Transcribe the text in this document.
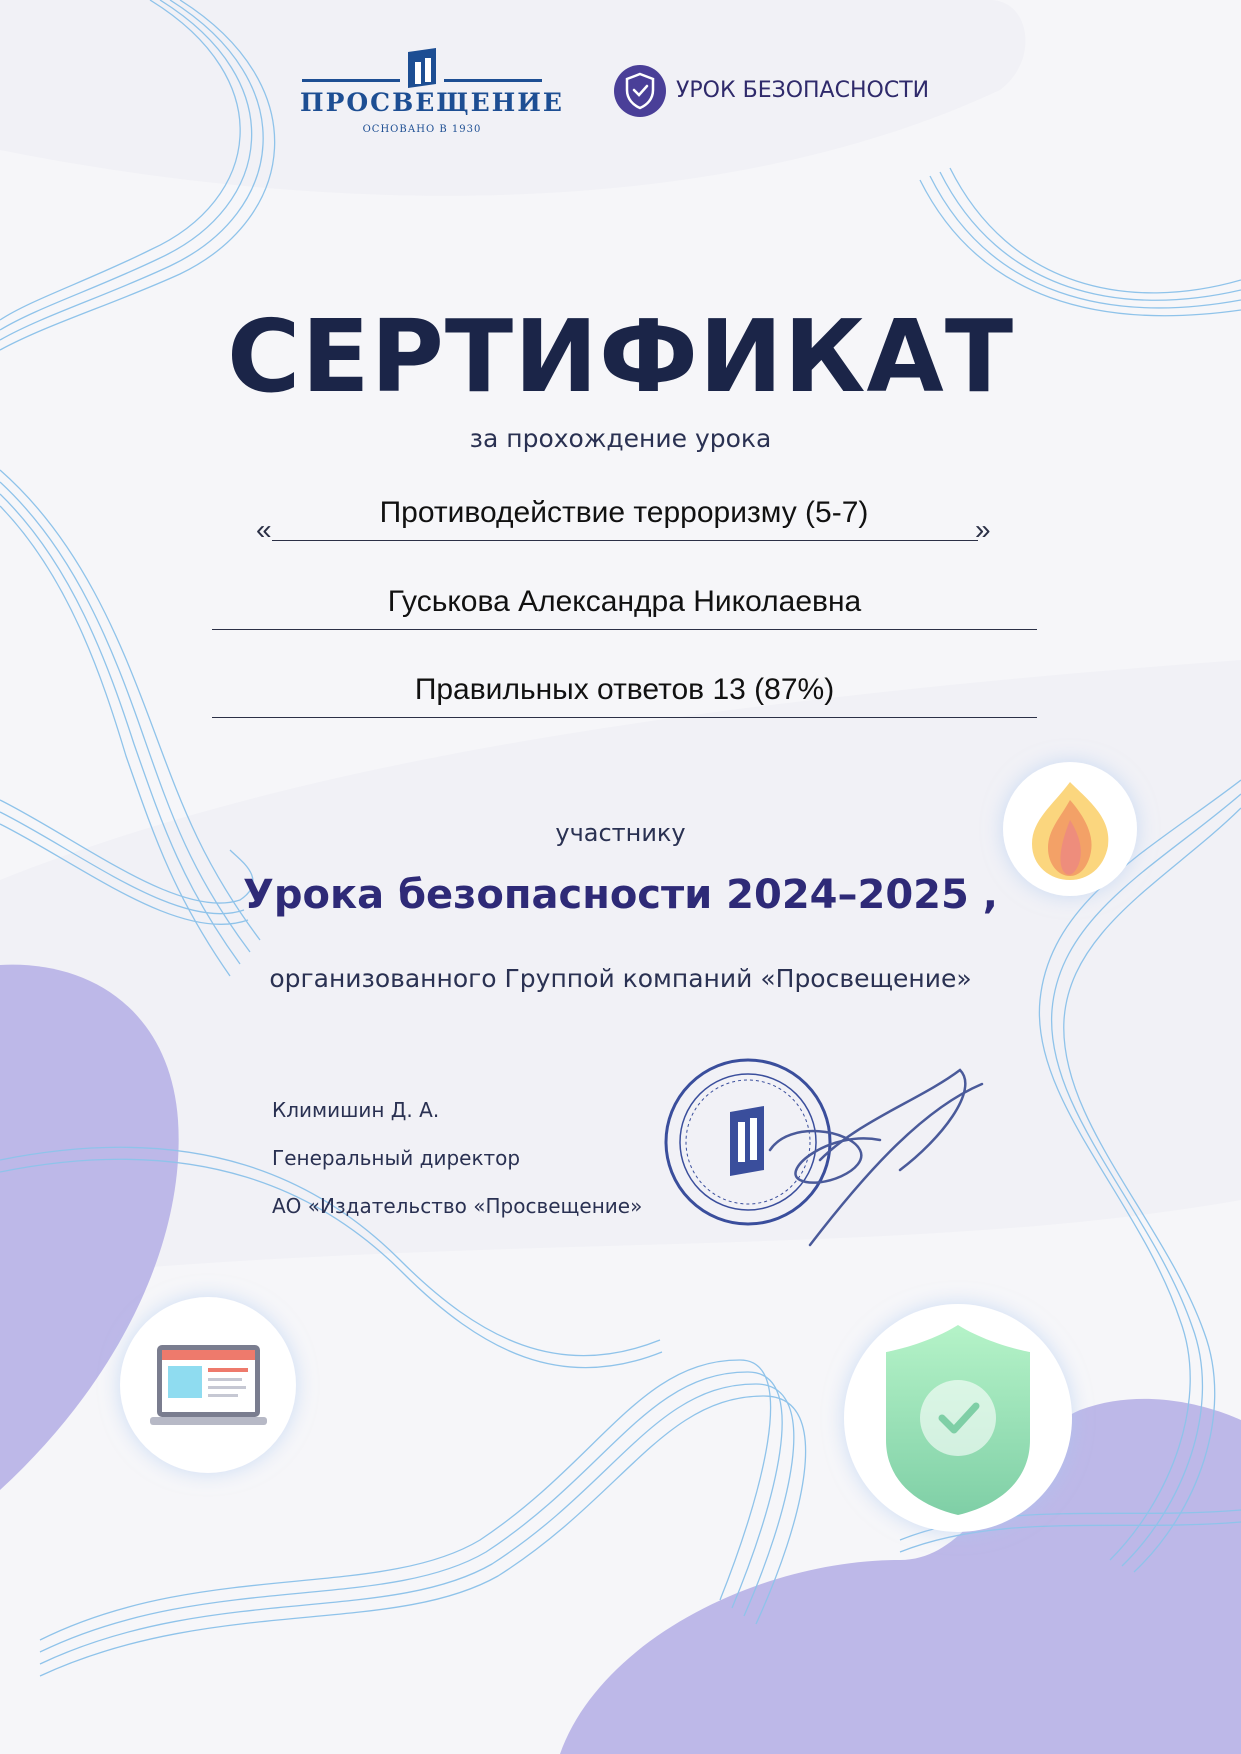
ПРОСВЕЩЕНИЕ
ОСНОВАНО В 1930
УРОК БЕЗОПАСНОСТИ
СЕРТИФИКАТ
за прохождение урока
«
Противодействие терроризму (5-7)
»
Гуськова Александра Николаевна
Правильных ответов 13 (87%)
участнику
Урока безопасности 2024–2025 ,
организованного Группой компаний «Просвещение»
Климишин Д. А.
Генеральный директор
АО «Издательство «Просвещение»
